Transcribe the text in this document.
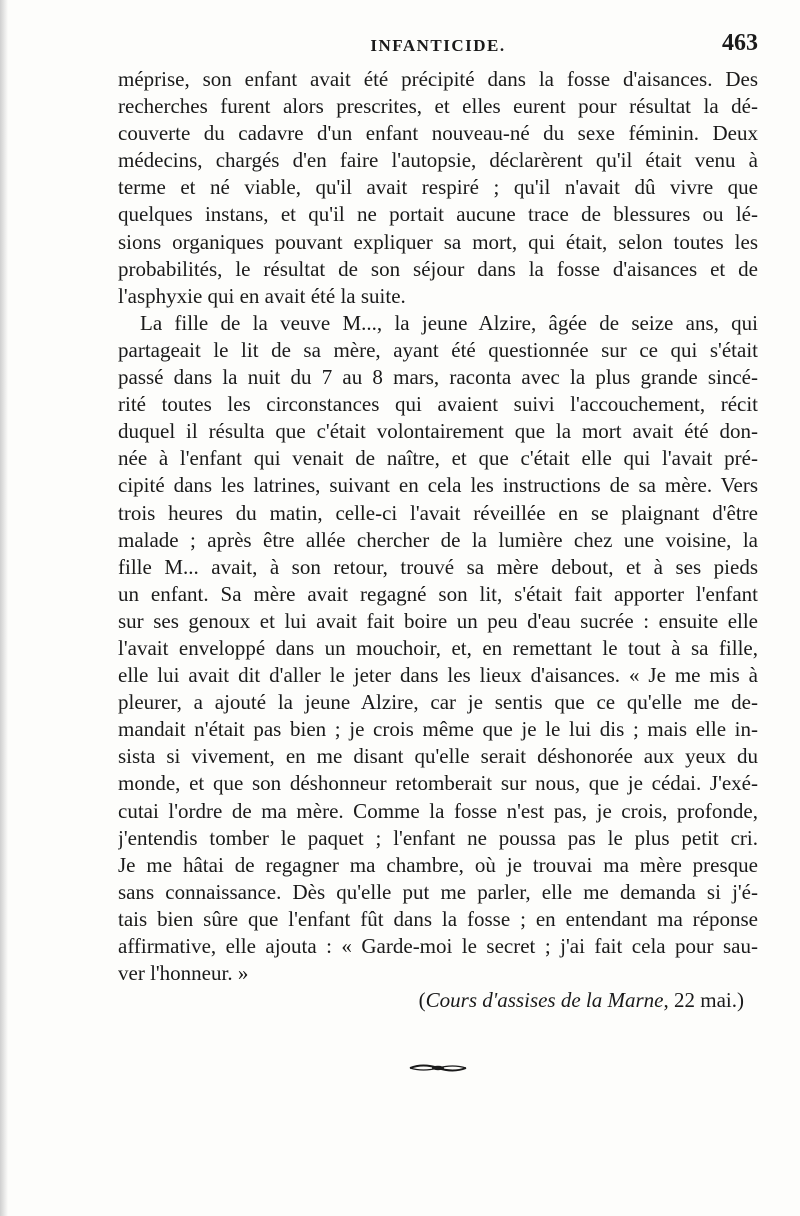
INFANTICIDE.	463
méprise, son enfant avait été précipité dans la fosse d'aisances. Des
recherches furent alors prescrites, et elles eurent pour résultat la dé-
couverte du cadavre d'un enfant nouveau-né du sexe féminin. Deux
médecins, chargés d'en faire l'autopsie, déclarèrent qu'il était venu à
terme et né viable, qu'il avait respiré ; qu'il n'avait dû vivre que
quelques instans, et qu'il ne portait aucune trace de blessures ou lé-
sions organiques pouvant expliquer sa mort, qui était, selon toutes les
probabilités, le résultat de son séjour dans la fosse d'aisances et de
l'asphyxie qui en avait été la suite.
La fille de la veuve M..., la jeune Alzire, âgée de seize ans, qui
partageait le lit de sa mère, ayant été questionnée sur ce qui s'était
passé dans la nuit du 7 au 8 mars, raconta avec la plus grande sincé-
rité toutes les circonstances qui avaient suivi l'accouchement, récit
duquel il résulta que c'était volontairement que la mort avait été don-
née à l'enfant qui venait de naître, et que c'était elle qui l'avait pré-
cipité dans les latrines, suivant en cela les instructions de sa mère. Vers
trois heures du matin, celle-ci l'avait réveillée en se plaignant d'être
malade ; après être allée chercher de la lumière chez une voisine, la
fille M... avait, à son retour, trouvé sa mère debout, et à ses pieds
un enfant. Sa mère avait regagné son lit, s'était fait apporter l'enfant
sur ses genoux et lui avait fait boire un peu d'eau sucrée : ensuite elle
l'avait enveloppé dans un mouchoir, et, en remettant le tout à sa fille,
elle lui avait dit d'aller le jeter dans les lieux d'aisances. « Je me mis à
pleurer, a ajouté la jeune Alzire, car je sentis que ce qu'elle me de-
mandait n'était pas bien ; je crois même que je le lui dis ; mais elle in-
sista si vivement, en me disant qu'elle serait déshonorée aux yeux du
monde, et que son déshonneur retomberait sur nous, que je cédai. J'exé-
cutai l'ordre de ma mère. Comme la fosse n'est pas, je crois, profonde,
j'entendis tomber le paquet ; l'enfant ne poussa pas le plus petit cri.
Je me hâtai de regagner ma chambre, où je trouvai ma mère presque
sans connaissance. Dès qu'elle put me parler, elle me demanda si j'é-
tais bien sûre que l'enfant fût dans la fosse ; en entendant ma réponse
affirmative, elle ajouta : « Garde-moi le secret ; j'ai fait cela pour sau-
ver l'honneur. »
(Cours d'assises de la Marne, 22 mai.)
